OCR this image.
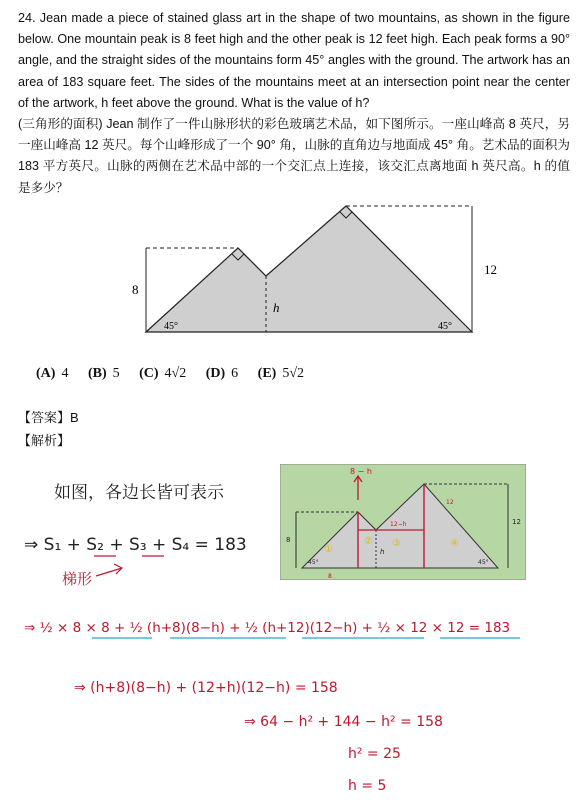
24. Jean made a piece of stained glass art in the shape of two mountains, as shown in the figure below. One mountain peak is 8 feet high and the other peak is 12 feet high. Each peak forms a 90° angle, and the straight sides of the mountains form 45° angles with the ground. The artwork has an area of 183 square feet. The sides of the mountains meet at an intersection point near the center of the artwork, h feet above the ground. What is the value of h?

(三角形的面积) Jean 制作了一件山脉形状的彩色玻璃艺术品，如下图所示。一座山峰高 8 英尺，另一座山峰高 12 英尺。每个山峰形成了一个 90° 角，山脉的直角边与地面成 45° 角。艺术品的面积为 183 平方英尺。山脉的两侧在艺术品中部的一个交汇点上连接，该交汇点离地面 h 英尺高。h 的值是多少？

8
12
h
45°	45°
(A) 4 (B) 5 (C) 4√2 (D) 6 (E) 5√2
【答案】B
【解析】
如图，各边长皆可表示
⇒ S₁ + S₂ + S₃ + S₄ = 183
梯形
⇒ ½ × 8 × 8 + ½ (h+8)(8−h) + ½ (h+12)(12−h) + ½ × 12 × 12 = 183
⇒ (h+8)(8−h) + (12+h)(12−h) = 158
⇒ 64 − h² + 144 − h² = 158
h² = 25
h = 5
8 − h
12
8
12−h
12
8
h
45°	45°
①
② ③	④
